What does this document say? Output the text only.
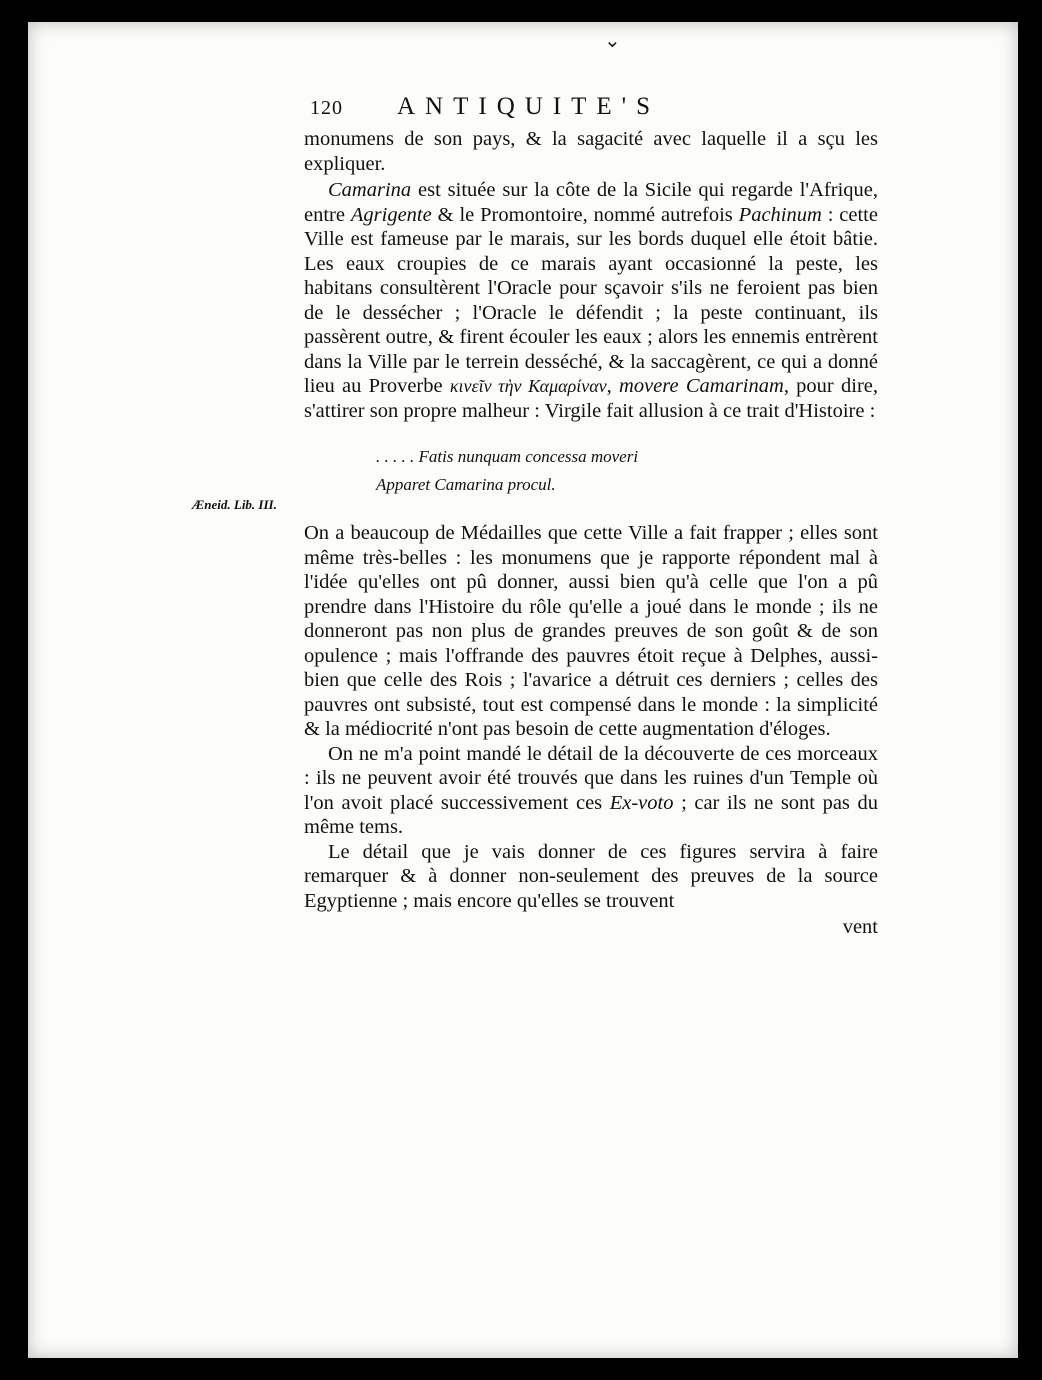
⌄
Æneid. Lib. III.
120 ANTIQUITE'S

monumens de son pays, & la sagacité avec laquelle il a sçu les expliquer.

Camarina est située sur la côte de la Sicile qui regarde l'Afrique, entre Agrigente & le Promontoire, nommé autrefois Pachinum : cette Ville est fameuse par le marais, sur les bords duquel elle étoit bâtie. Les eaux croupies de ce marais ayant occasionné la peste, les habitans consultèrent l'Oracle pour sçavoir s'ils ne feroient pas bien de le dessécher ; l'Oracle le défendit ; la peste continuant, ils passèrent outre, & firent écouler les eaux ; alors les ennemis entrèrent dans la Ville par le terrein desséché, & la saccagèrent, ce qui a donné lieu au Proverbe κινεῖν τὴν Καμαρίναν, movere Camarinam, pour dire, s'attirer son propre malheur : Virgile fait allusion à ce trait d'Histoire :

. . . . . Fatis nunquam concessa moveri
Apparet Camarina procul.

On a beaucoup de Médailles que cette Ville a fait frapper ; elles sont même très-belles : les monumens que je rapporte répondent mal à l'idée qu'elles ont pû donner, aussi bien qu'à celle que l'on a pû prendre dans l'Histoire du rôle qu'elle a joué dans le monde ; ils ne donneront pas non plus de grandes preuves de son goût & de son opulence ; mais l'offrande des pauvres étoit reçue à Delphes, aussi-bien que celle des Rois ; l'avarice a détruit ces derniers ; celles des pauvres ont subsisté, tout est compensé dans le monde : la simplicité & la médiocrité n'ont pas besoin de cette augmentation d'éloges.

On ne m'a point mandé le détail de la découverte de ces morceaux : ils ne peuvent avoir été trouvés que dans les ruines d'un Temple où l'on avoit placé successivement ces Ex-voto ; car ils ne sont pas du même tems.

Le détail que je vais donner de ces figures servira à faire remarquer & à donner non-seulement des preuves de la source Egyptienne ; mais encore qu'elles se trouvent

vent
